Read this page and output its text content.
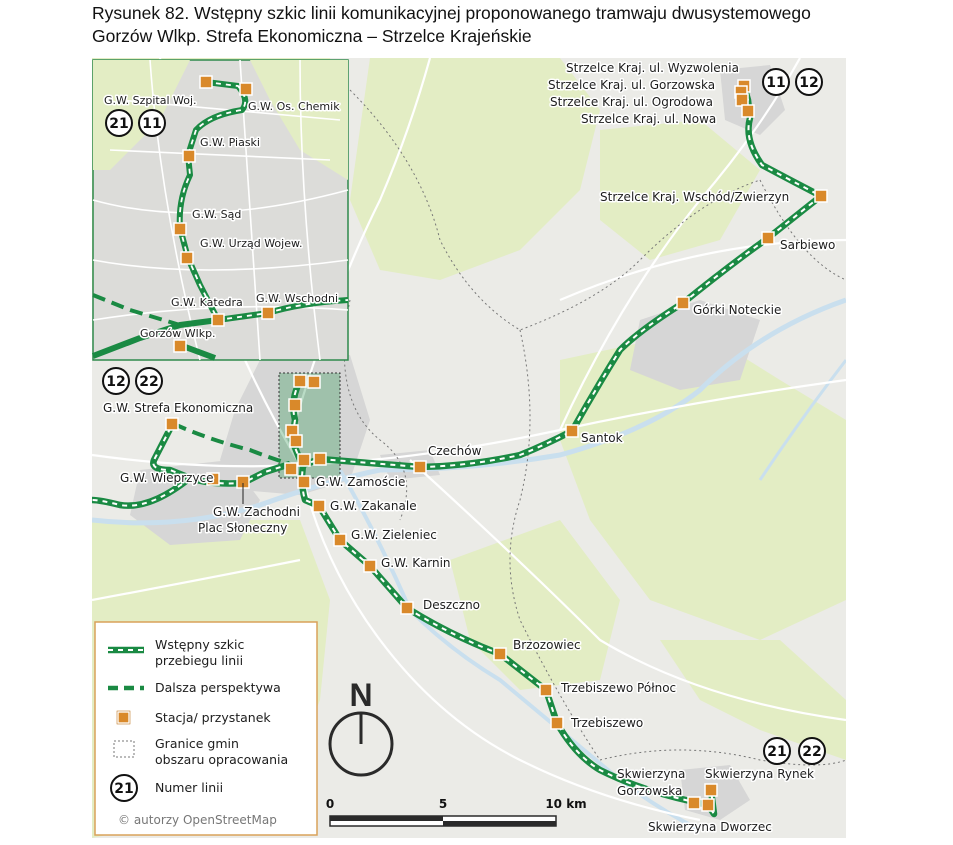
Rysunek 82. Wstępny szkic linii komunikacyjnej proponowanego tramwaju dwusystemowego
Gorzów Wlkp. Strefa Ekonomiczna – Strzelce Krajeńskie
Strzelce Kraj. ul. Wyzwolenia
Strzelce Kraj. ul. Gorzowska
Strzelce Kraj. ul. Ogrodowa
Strzelce Kraj. ul. Nowa
Strzelce Kraj. Wschód/Zwierzyn
Sarbiewo
Górki Noteckie
Santok
Czechów
G.W. Zamoście
G.W. Zakanale
G.W. Zieleniec
G.W. Karnin
Deszczno
Brzozowiec
Trzebiszewo Północ
Trzebiszewo
Skwierzyna
Gorzowska
Skwierzyna Rynek
Skwierzyna Dworzec
G.W. Strefa Ekonomiczna
G.W. Wieprzyce
G.W. Zachodni
Plac Słoneczny
G.W. Szpital Woj.	G.W. Os. Chemik
G.W. Piaski
G.W. Sąd
G.W. Urząd Wojew.
G.W. Katedra G.W. Wschodni
Gorzów Wlkp.
11 12
12 22
21 11
21 22
Wstępny szkic
przebiegu linii
Dalsza perspektywa
Stacja/ przystanek
Granice gmin
obszaru opracowania
21 Numer linii
© autorzy OpenStreetMap
N
0	5	10 km
